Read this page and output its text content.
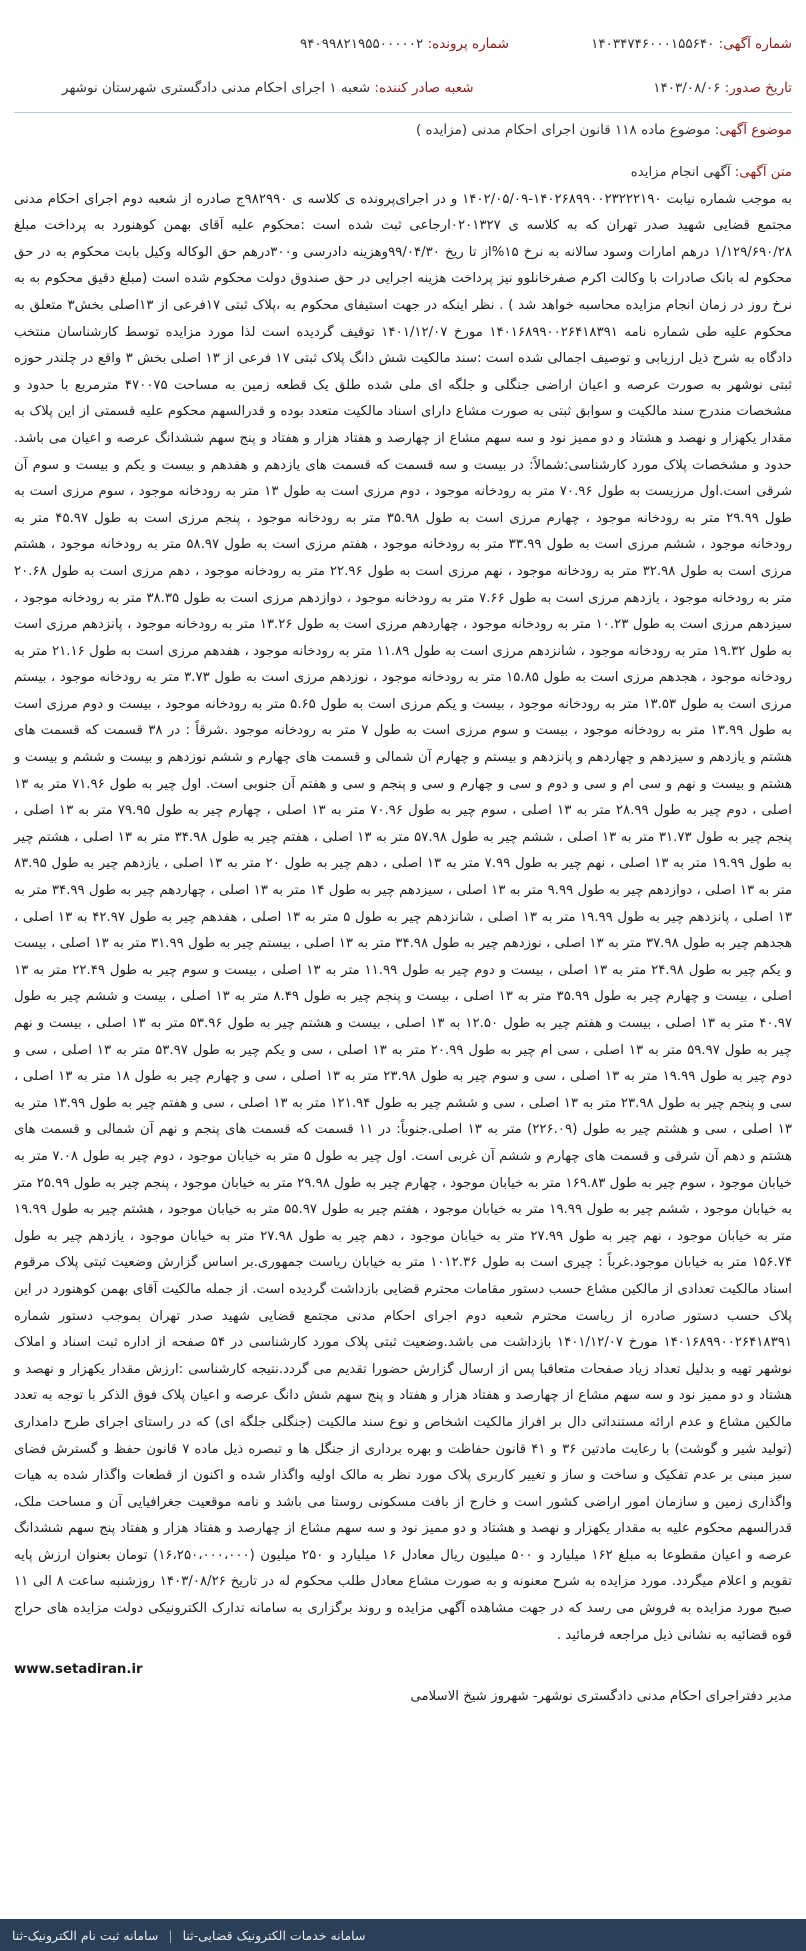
شماره آگهی: ۱۴۰۳۴۷۴۶۰۰۰۱۵۵۶۴۰
شماره پرونده: ۹۴۰۹۹۸۲۱۹۵۵۰۰۰۰۰۲
تاریخ صدور: ۱۴۰۳/۰۸/۰۶
شعبه صادر کننده: شعبه ۱ اجرای احکام مدنی دادگستری شهرستان نوشهر
موضوع آگهی: موضوع ماده ۱۱۸ قانون اجرای احکام مدنی (مزایده )

متن آگهی: آگهی انجام مزایده

به موجب شماره نیابت ۱۴۰۲۶۸۹۹۰۰۲۳۲۲۲۱۹۰-۱۴۰۲/۰۵/۰۹ و در اجرای‌پرونده ی کلاسه ی ۹۸۲۹۹۰ج صادره از شعبه دوم اجرای احکام مدنی مجتمع قضایی شهید صدر تهران که به کلاسه ی ۰۲۰۱۳۲۷ارجاعی ثبت شده است :محکوم علیه آقای بهمن کوهنورد به پرداخت مبلغ ۱/۱۲۹/۶۹۰/۲۸ درهم امارات وسود سالانه به نرخ ۱۵%از تا ریخ ۹۹/۰۴/۳۰وهزینه دادرسی و۳۰۰درهم حق الوکاله وکیل بابت محکوم به در حق محکوم له بانک صادرات با وکالت اکرم صفرخانلوو نیز پرداخت هزینه اجرایی در حق صندوق دولت محکوم شده است (مبلغ دقیق محکوم به به نرخ روز در زمان انجام مزایده محاسبه خواهد شد ) . نظر اینکه در جهت استیفای محکوم به ،پلاک ثبتی ۱۷فرعی از ۱۳اصلی بخش۳ متعلق به محکوم علیه طی شماره نامه ۱۴۰۱۶۸۹۹۰۰۲۶۴۱۸۳۹۱ مورخ ۱۴۰۱/۱۲/۰۷ توقیف گردیده است لذا مورد مزایده توسط کارشناسان منتخب دادگاه به شرح ذیل ارزیابی و توصیف اجمالی شده است :سند مالکیت شش دانگ پلاک ثبتی ۱۷ فرعی از ۱۳ اصلی بخش ۳ واقع در چلندر حوزه ثبتی نوشهر به صورت عرصه و اعیان اراضی جنگلی و جلگه ای ملی شده طلق یک قطعه زمین به مساحت ۴۷۰۰۷۵ مترمربع با حدود و مشخصات مندرج سند مالکیت و سوابق ثبتی به صورت مشاع دارای اسناد مالکیت متعدد بوده و قدرالسهم محکوم علیه قسمتی از این پلاک به مقدار یکهزار و نهصد و هشتاد و دو ممیز نود و سه سهم مشاع از چهارصد و هفتاد هزار و هفتاد و پنج سهم ششدانگ عرصه و اعیان می باشد. حدود و مشخصات پلاک مورد کارشناسی:شمالاً: در بیست و سه قسمت که قسمت های یازدهم و هفدهم و بیست و یکم و بیست و سوم آن شرقی است.اول مرزیست به طول ۷۰.۹۶ متر به رودخانه موجود ، دوم مرزی است به طول ۱۳ متر به رودخانه موجود ، سوم مرزی است به طول ۲۹.۹۹ متر به رودخانه موجود ، چهارم مرزی است به طول ۳۵.۹۸ متر به رودخانه موجود ، پنجم مرزی است به طول ۴۵.۹۷ متر به رودخانه موجود ، ششم مرزی است به طول ۳۳.۹۹ متر به رودخانه موجود ، هفتم مرزی است به طول ۵۸.۹۷ متر به رودخانه موجود ، هشتم مرزی است به طول ۳۲.۹۸ متر به رودخانه موجود ، نهم مرزی است به طول ۲۲.۹۶ متر به رودخانه موجود ، دهم مرزی است به طول ۲۰.۶۸ متر به رودخانه موجود ، یازدهم مرزی است به طول ۷.۶۶ متر به رودخانه موجود ، دوازدهم مرزی است به طول ۳۸.۳۵ متر به رودخانه موجود ، سیزدهم مرزی است به طول ۱۰.۲۳ متر به رودخانه موجود ، چهاردهم مرزی است به طول ۱۳.۲۶ متر به رودخانه موجود ، پانزدهم مرزی است به طول ۱۹.۳۲ متر به رودخانه موجود ، شانزدهم مرزی است به طول ۱۱.۸۹ متر به رودخانه موجود ، هفدهم مرزی است به طول ۲۱.۱۶ متر به رودخانه موجود ، هجدهم مرزی است به طول ۱۵.۸۵ متر به رودخانه موجود ، نوزدهم مرزی است به طول ۳.۷۳ متر به رودخانه موجود ، بیستم مرزی است به طول ۱۳.۵۳ متر به رودخانه موجود ، بیست و یکم مرزی است به طول ۵.۶۵ متر به رودخانه موجود ، بیست و دوم مرزی است به طول ۱۳.۹۹ متر به رودخانه موجود ، بیست و سوم مرزی است به طول ۷ متر به رودخانه موجود .شرقاً : در ۳۸ قسمت که قسمت های هشتم و یازدهم و سیزدهم و چهاردهم و پانزدهم و بیستم و چهارم آن شمالی و قسمت های چهارم و ششم نوزدهم و بیست و ششم و بیست و هشتم و بیست و نهم و سی ام و سی و دوم و سی و چهارم و سی و پنجم و سی و هفتم آن جنوبی است. اول چیر به طول ۷۱.۹۶ متر به ۱۳ اصلی ، دوم چیر به طول ۲۸.۹۹ متر به ۱۳ اصلی ، سوم چیر به طول ۷۰.۹۶ متر به ۱۳ اصلی ، چهارم چیر به طول ۷۹.۹۵ متر به ۱۳ اصلی ، پنجم چیر به طول ۳۱.۷۳ متر به ۱۳ اصلی ، ششم چیر به طول ۵۷.۹۸ متر به ۱۳ اصلی ، هفتم چیر به طول ۳۴.۹۸ متر به ۱۳ اصلی ، هشتم چیر به طول ۱۹.۹۹ متر به ۱۳ اصلی ، نهم چیر به طول ۷.۹۹ متر به ۱۳ اصلی ، دهم چیر به طول ۲۰ متر به ۱۳ اصلی ، یازدهم چیر به طول ۸۳.۹۵ متر به ۱۳ اصلی ، دوازدهم چیر به طول ۹.۹۹ متر به ۱۳ اصلی ، سیزدهم چیر به طول ۱۴ متر به ۱۳ اصلی ، چهاردهم چیر به طول ۳۴.۹۹ متر به ۱۳ اصلی ، پانزدهم چیر به طول ۱۹.۹۹ متر به ۱۳ اصلی ، شانزدهم چیر به طول ۵ متر به ۱۳ اصلی ، هفدهم چیر به طول ۴۲.۹۷ به ۱۳ اصلی ، هجدهم چیر به طول ۳۷.۹۸ متر به ۱۳ اصلی ، نوزدهم چیر به طول ۳۴.۹۸ متر به ۱۳ اصلی ، بیستم چیر به طول ۳۱.۹۹ متر به ۱۳ اصلی ، بیست و یکم چیر به طول ۲۴.۹۸ متر به ۱۳ اصلی ، بیست و دوم چیر به طول ۱۱.۹۹ متر به ۱۳ اصلی ، بیست و سوم چیر به طول ۲۲.۴۹ متر به ۱۳ اصلی ، بیست و چهارم چیر به طول ۳۵.۹۹ متر به ۱۳ اصلی ، بیست و پنجم چیر به طول ۸.۴۹ متر به ۱۳ اصلی ، بیست و ششم چیر به طول ۴۰.۹۷ متر به ۱۳ اصلی ، بیست و هفتم چیر به طول ۱۲.۵۰ به ۱۳ اصلی ، بیست و هشتم چیر به طول ۵۳.۹۶ متر به ۱۳ اصلی ، بیست و نهم چیر به طول ۵۹.۹۷ متر به ۱۳ اصلی ، سی ام چیر به طول ۲۰.۹۹ متر به ۱۳ اصلی ، سی و یکم چیر به طول ۵۳.۹۷ متر به ۱۳ اصلی ، سی و دوم چیر به طول ۱۹.۹۹ متر به ۱۳ اصلی ، سی و سوم چیر به طول ۲۳.۹۸ متر به ۱۳ اصلی ، سی و چهارم چیر به طول ۱۸ متر به ۱۳ اصلی ، سی و پنجم چیر به طول ۲۳.۹۸ متر به ۱۳ اصلی ، سی و ششم چیر به طول ۱۲۱.۹۴ متر به ۱۳ اصلی ، سی و هفتم چیر به طول ۱۳.۹۹ متر به ۱۳ اصلی ، سی و هشتم چیر به طول (۲۲۶.۰۹) متر به ۱۳ اصلی.جنوباً: در ۱۱ قسمت که قسمت های پنجم و نهم آن شمالی و قسمت های هشتم و دهم آن شرقی و قسمت های چهارم و ششم آن غربی است. اول چیر به طول ۵ متر به خیابان موجود ، دوم چیر به طول ۷.۰۸ متر به خیابان موجود ، سوم چیر به طول ۱۶۹.۸۳ متر به خیابان موجود ، چهارم چیر به طول ۲۹.۹۸ متر به خیابان موجود ، پنجم چیر به طول ۲۵.۹۹ متر به خیابان موجود ، ششم چیر به طول ۱۹.۹۹ متر به خیابان موجود ، هفتم چیر به طول ۵۵.۹۷ متر به خیابان موجود ، هشتم چیر به طول ۱۹.۹۹ متر به خیابان موجود ، نهم چیر به طول ۲۷.۹۹ متر به خیابان موجود ، دهم چیر به طول ۲۷.۹۸ متر به خیابان موجود ، یازدهم چیر به طول ۱۵۶.۷۴ متر به خیابان موجود.غرباً : چیری است به طول ۱۰۱۲.۳۶ متر به خیابان ریاست جمهوری.بر اساس گزارش وضعیت ثبتی پلاک مرقوم اسناد مالکیت تعدادی از مالکین مشاع حسب دستور مقامات محترم قضایی بازداشت گردیده است. از جمله مالکیت آقای بهمن کوهنورد در این پلاک حسب دستور صادره از ریاست محترم شعبه دوم اجرای احکام مدنی مجتمع قضایی شهید صدر تهران بموجب دستور شماره ۱۴۰۱۶۸۹۹۰۰۲۶۴۱۸۳۹۱ مورخ ۱۴۰۱/۱۲/۰۷ بازداشت می باشد.وضعیت ثبتی پلاک مورد کارشناسی در ۵۴ صفحه از اداره ثبت اسناد و املاک نوشهر تهیه و بدلیل تعداد زیاد صفحات متعاقبا پس از ارسال گزارش حضورا تقدیم می گردد.نتیجه کارشناسی :ارزش مقدار یکهزار و نهصد و هشتاد و دو ممیز نود و سه سهم مشاع از چهارصد و هفتاد هزار و هفتاد و پنج سهم شش دانگ عرصه و اعیان پلاک فوق الذکر با توجه به تعدد مالکین مشاع و عدم ارائه مستنداتی دال بر افراز مالکیت اشخاص و نوع سند مالکیت (جنگلی جلگه ای) که در راستای اجرای طرح دامداری (تولید شیر و گوشت) با رعایت مادتین ۳۶ و ۴۱ قانون حفاظت و بهره برداری از جنگل ها و تبصره ذیل ماده ۷ قانون حفظ و گسترش فضای سبز مبنی بر عدم تفکیک و ساخت و ساز و تغییر کاربری پلاک مورد نظر به مالک اولیه واگذار شده و اکنون از قطعات واگذار شده به هیات واگذاری زمین و سازمان امور اراضی کشور است و خارج از بافت مسکونی روستا می باشد و نامه موقعیت جغرافیایی آن و مساحت ملک، قدرالسهم محکوم علیه به مقدار یکهزار و نهصد و هشتاد و دو ممیز نود و سه سهم مشاع از چهارصد و هفتاد هزار و هفتاد پنج سهم ششدانگ عرصه و اعیان مقطوعا به مبلغ ۱۶۲ میلیارد و ۵۰۰ میلیون ریال معادل ۱۶ میلیارد و ۲۵۰ میلیون (۱۶،۲۵۰،۰۰۰،۰۰۰) تومان بعنوان ارزش پایه تقویم و اعلام میگردد. مورد مزایده به شرح معنونه و به صورت مشاع معادل طلب محکوم له در تاریخ ۱۴۰۳/۰۸/۲۶ روزشنبه ساعت ۸ الی ۱۱ صبح مورد مزایده به فروش می رسد که در جهت مشاهده آگهی مزایده و روند برگزاری به سامانه تدارک الکترونیکی دولت مزایده های حراج قوه قضائیه به نشانی ذیل مراجعه فرمائید .

www.setadiran.ir

مدیر دفتراجرای احکام مدنی دادگستری نوشهر- شهروز شیخ الاسلامی

سامانه خدمات الکترونیک قضایی-ثنا
|
سامانه ثبت نام الکترونیک-ثنا
